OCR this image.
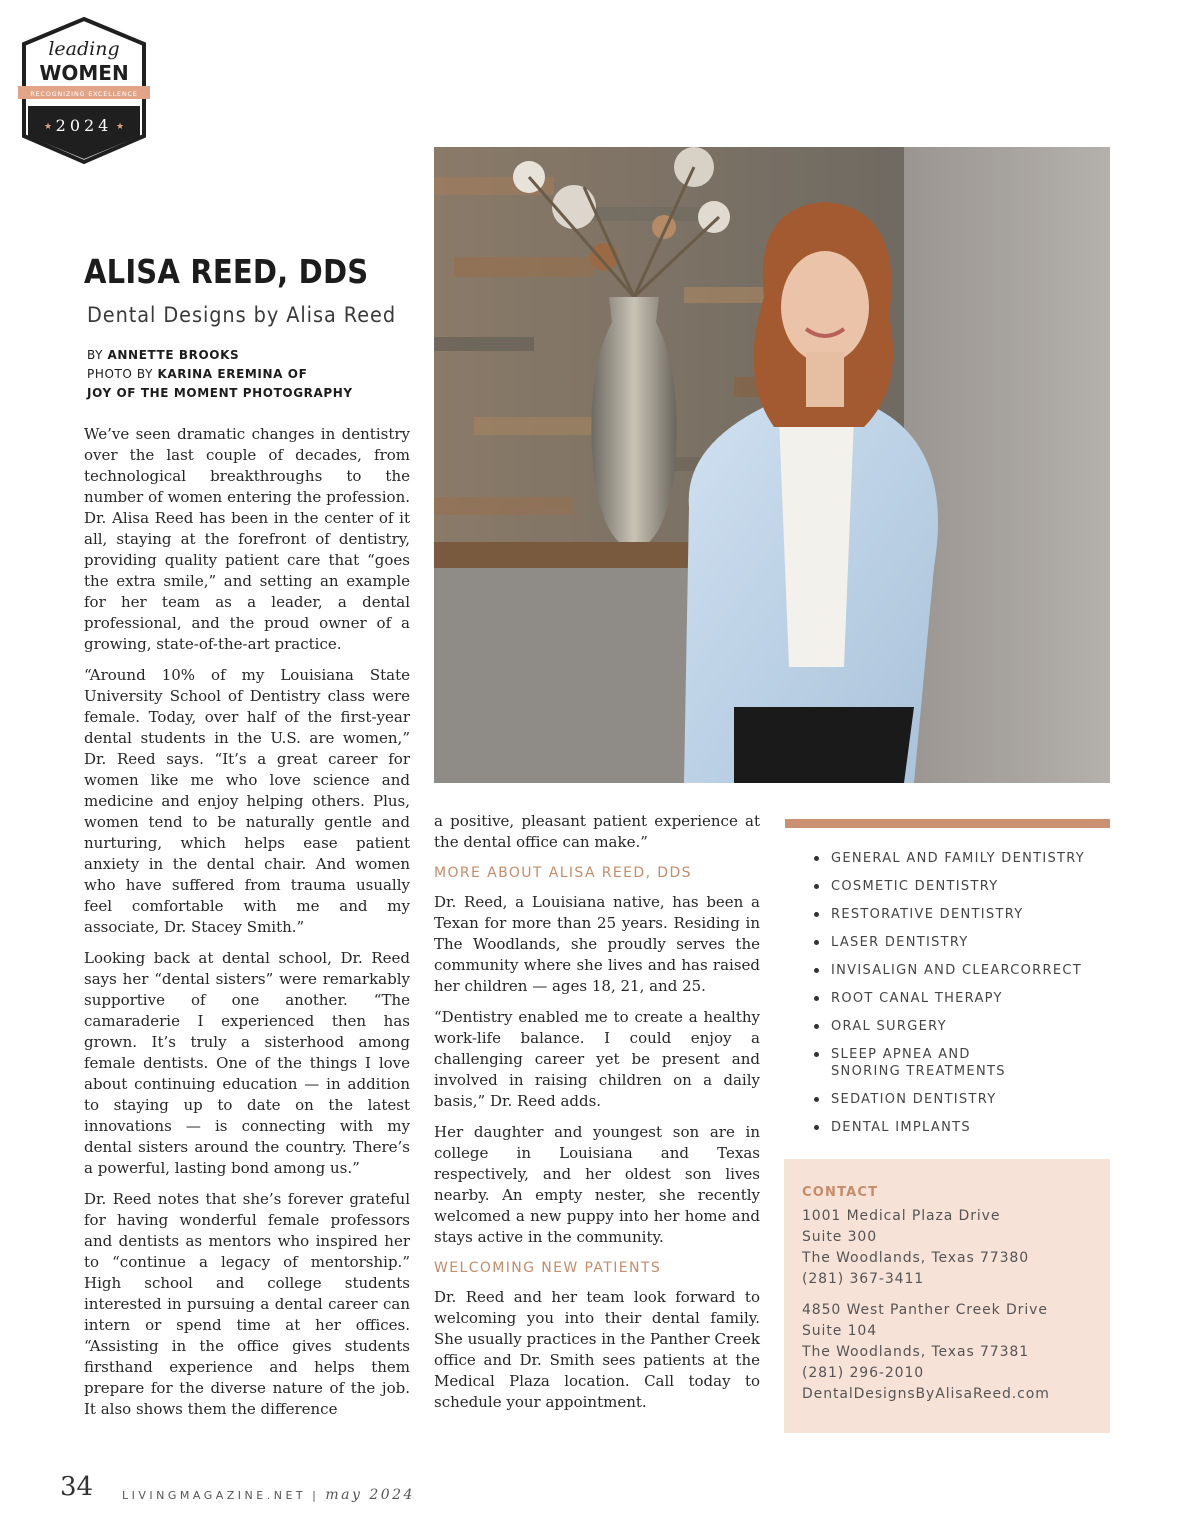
leading
WOMEN
RECOGNIZING EXCELLENCE
2024
★	★
ALISA REED, DDS
Dental Designs by Alisa Reed
BY ANNETTE BROOKS
PHOTO BY KARINA EREMINA OF
JOY OF THE MOMENT PHOTOGRAPHY

We’ve seen dramatic changes in dentistry over the last couple of decades, from technological breakthroughs to the number of women entering the profession. Dr. Alisa Reed has been in the center of it all, staying at the forefront of dentistry, providing quality patient care that “goes the extra smile,” and setting an example for her team as a leader, a dental professional, and the proud owner of a growing, state-of-the-art practice.

“Around 10% of my Louisiana State University School of Dentistry class were female. Today, over half of the first-year dental students in the U.S. are women,” Dr. Reed says. “It’s a great career for women like me who love science and medicine and enjoy helping others. Plus, women tend to be naturally gentle and nurturing, which helps ease patient anxiety in the dental chair. And women who have suffered from trauma usually feel comfortable with me and my associate, Dr. Stacey Smith.”

Looking back at dental school, Dr. Reed says her “dental sisters” were remarkably supportive of one another. “The camaraderie I experienced then has grown. It’s truly a sisterhood among female dentists. One of the things I love about continuing education — in addition to staying up to date on the latest innovations — is connecting with my dental sisters around the country. There’s a powerful, lasting bond among us.”

Dr. Reed notes that she’s forever grateful for having wonderful female professors and dentists as mentors who inspired her to “continue a legacy of mentorship.” High school and college students interested in pursuing a dental career can intern or spend time at her offices. “Assisting in the office gives students firsthand experience and helps them prepare for the diverse nature of the job. It also shows them the difference

a positive, pleasant patient experience at the dental office can make.”

MORE ABOUT ALISA REED, DDS

Dr. Reed, a Louisiana native, has been a Texan for more than 25 years. Residing in The Woodlands, she proudly serves the community where she lives and has raised her children — ages 18, 21, and 25.

“Dentistry enabled me to create a healthy work-life balance. I could enjoy a challenging career yet be present and involved in raising children on a daily basis,” Dr. Reed adds.

Her daughter and youngest son are in college in Louisiana and Texas respectively, and her oldest son lives nearby. An empty nester, she recently welcomed a new puppy into her home and stays active in the community.

WELCOMING NEW PATIENTS

Dr. Reed and her team look forward to welcoming you into their dental family. She usually practices in the Panther Creek office and Dr. Smith sees patients at the Medical Plaza location. Call today to schedule your appointment.

GENERAL AND FAMILY DENTISTRY
COSMETIC DENTISTRY
RESTORATIVE DENTISTRY
LASER DENTISTRY
INVISALIGN AND CLEARCORRECT
ROOT CANAL THERAPY
ORAL SURGERY
SLEEP APNEA AND SNORING TREATMENTS
SEDATION DENTISTRY
DENTAL IMPLANTS
CONTACT
1001 Medical Plaza Drive
Suite 300
The Woodlands, Texas 77380
(281) 367-3411
4850 West Panther Creek Drive
Suite 104
The Woodlands, Texas 77381
(281) 296-2010
DentalDesignsByAlisaReed.com
34	LIVINGMAGAZINE.NET | may 2024
